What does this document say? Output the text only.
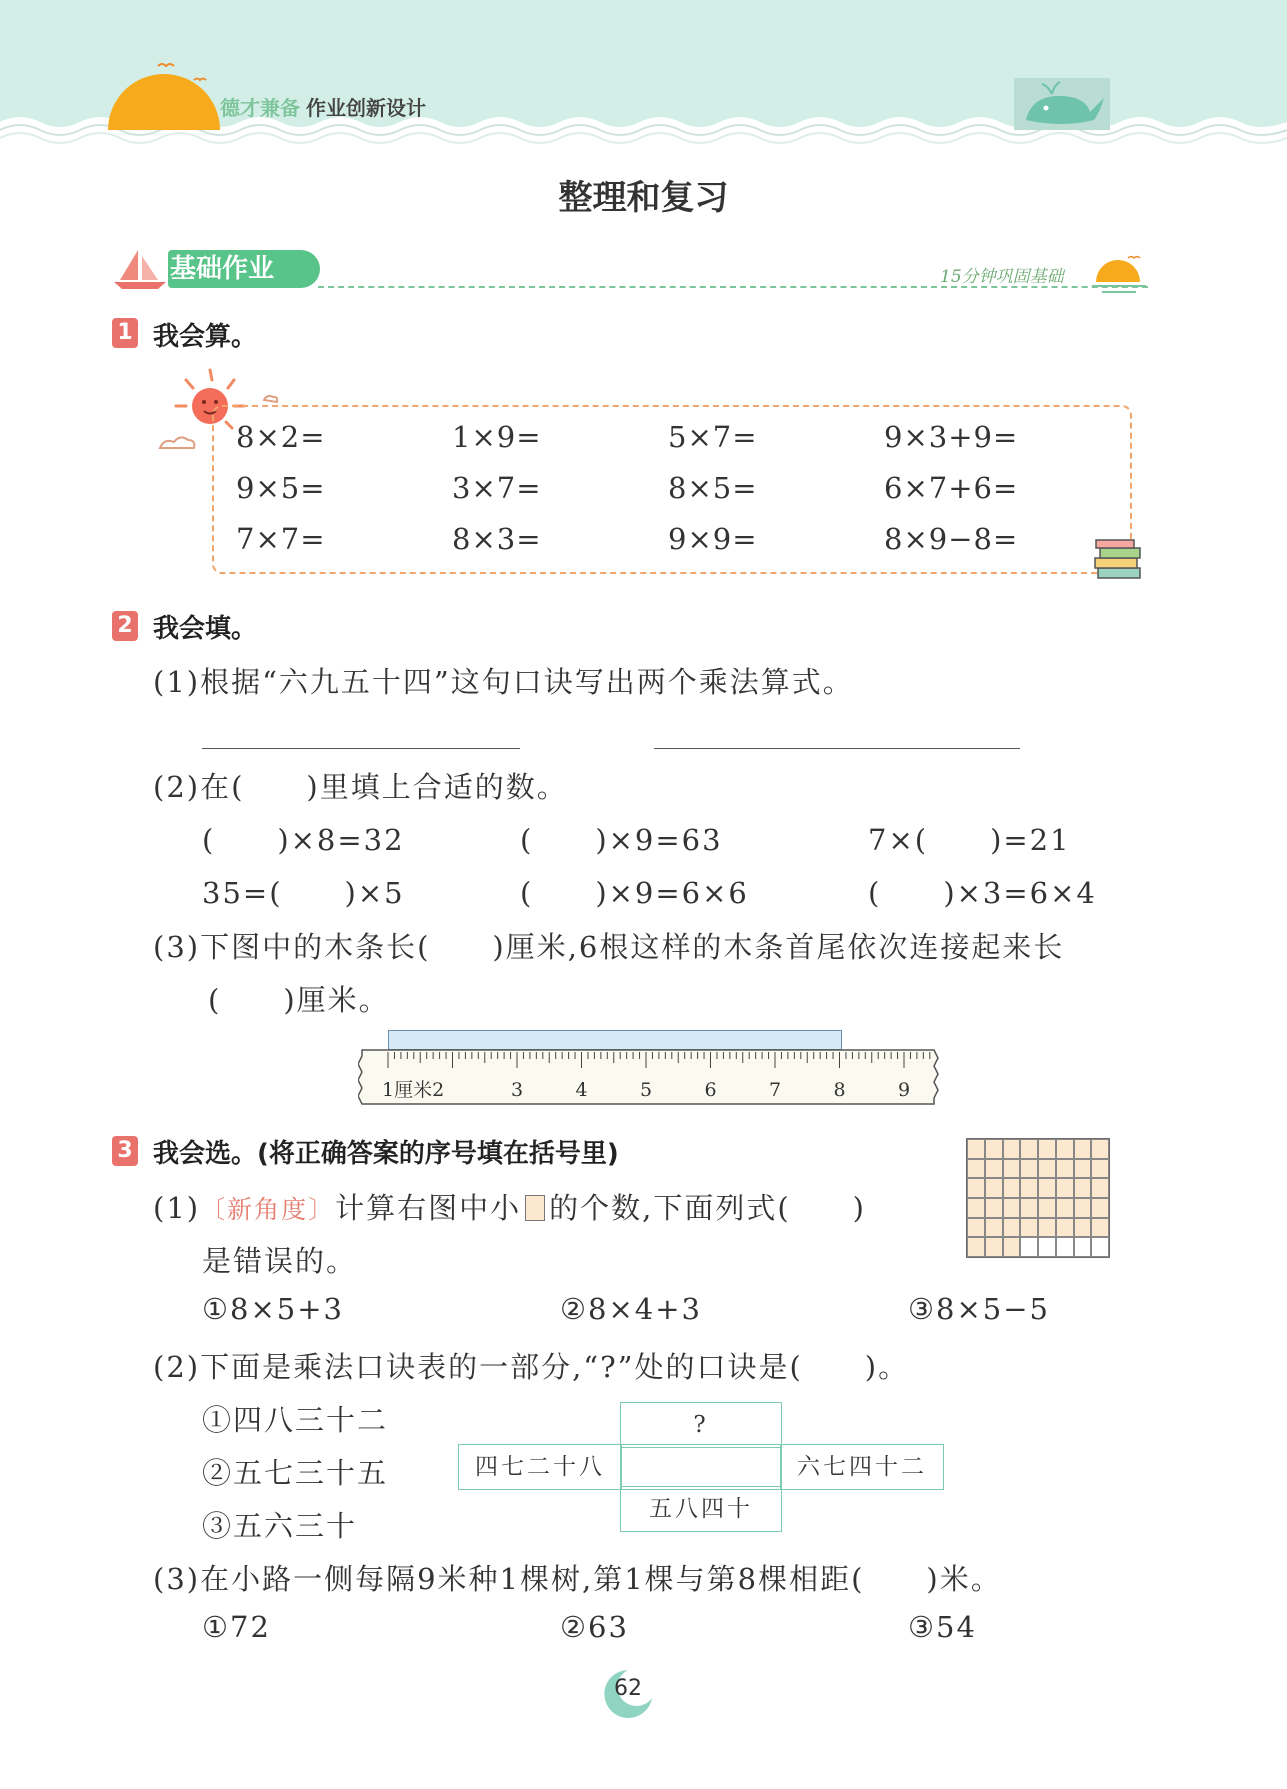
德才兼备 作业创新设计
整理和复习
基础作业	15分钟巩固基础
1 我会算。
8×2=	1×9=	5×7=	9×3+9=
9×5=	3×7=	8×5=	6×7+6=
7×7=	8×3=	9×9=	8×9−8=
2 我会填。
(1)根据“六九五十四”这句口诀写出两个乘法算式。
(2)在(　　)里填上合适的数。
(　　)×8=32	(　　)×9=63	7×(　　)=21
35=(　　)×5	(　　)×9=6×6	(　　)×3=6×4
(3)下图中的木条长(　　)厘米,6根这样的木条首尾依次连接起来长
(　　)厘米。
1厘米2	3	4	5	6	7	8	9
3 我会选。(将正确答案的序号填在括号里)
(1)〔新角度〕计算右图中小 的个数,下面列式(　　)
是错误的。
①8×5+3	②8×4+3	③8×5−5
(2)下面是乘法口诀表的一部分,“?”处的口诀是(　　)。
①四八三十二
②五七三十五
③五六三十
?
四七二十八	六七四十二
五八四十
(3)在小路一侧每隔9米种1棵树,第1棵与第8棵相距(　　)米。
①72	②63	③54
62
